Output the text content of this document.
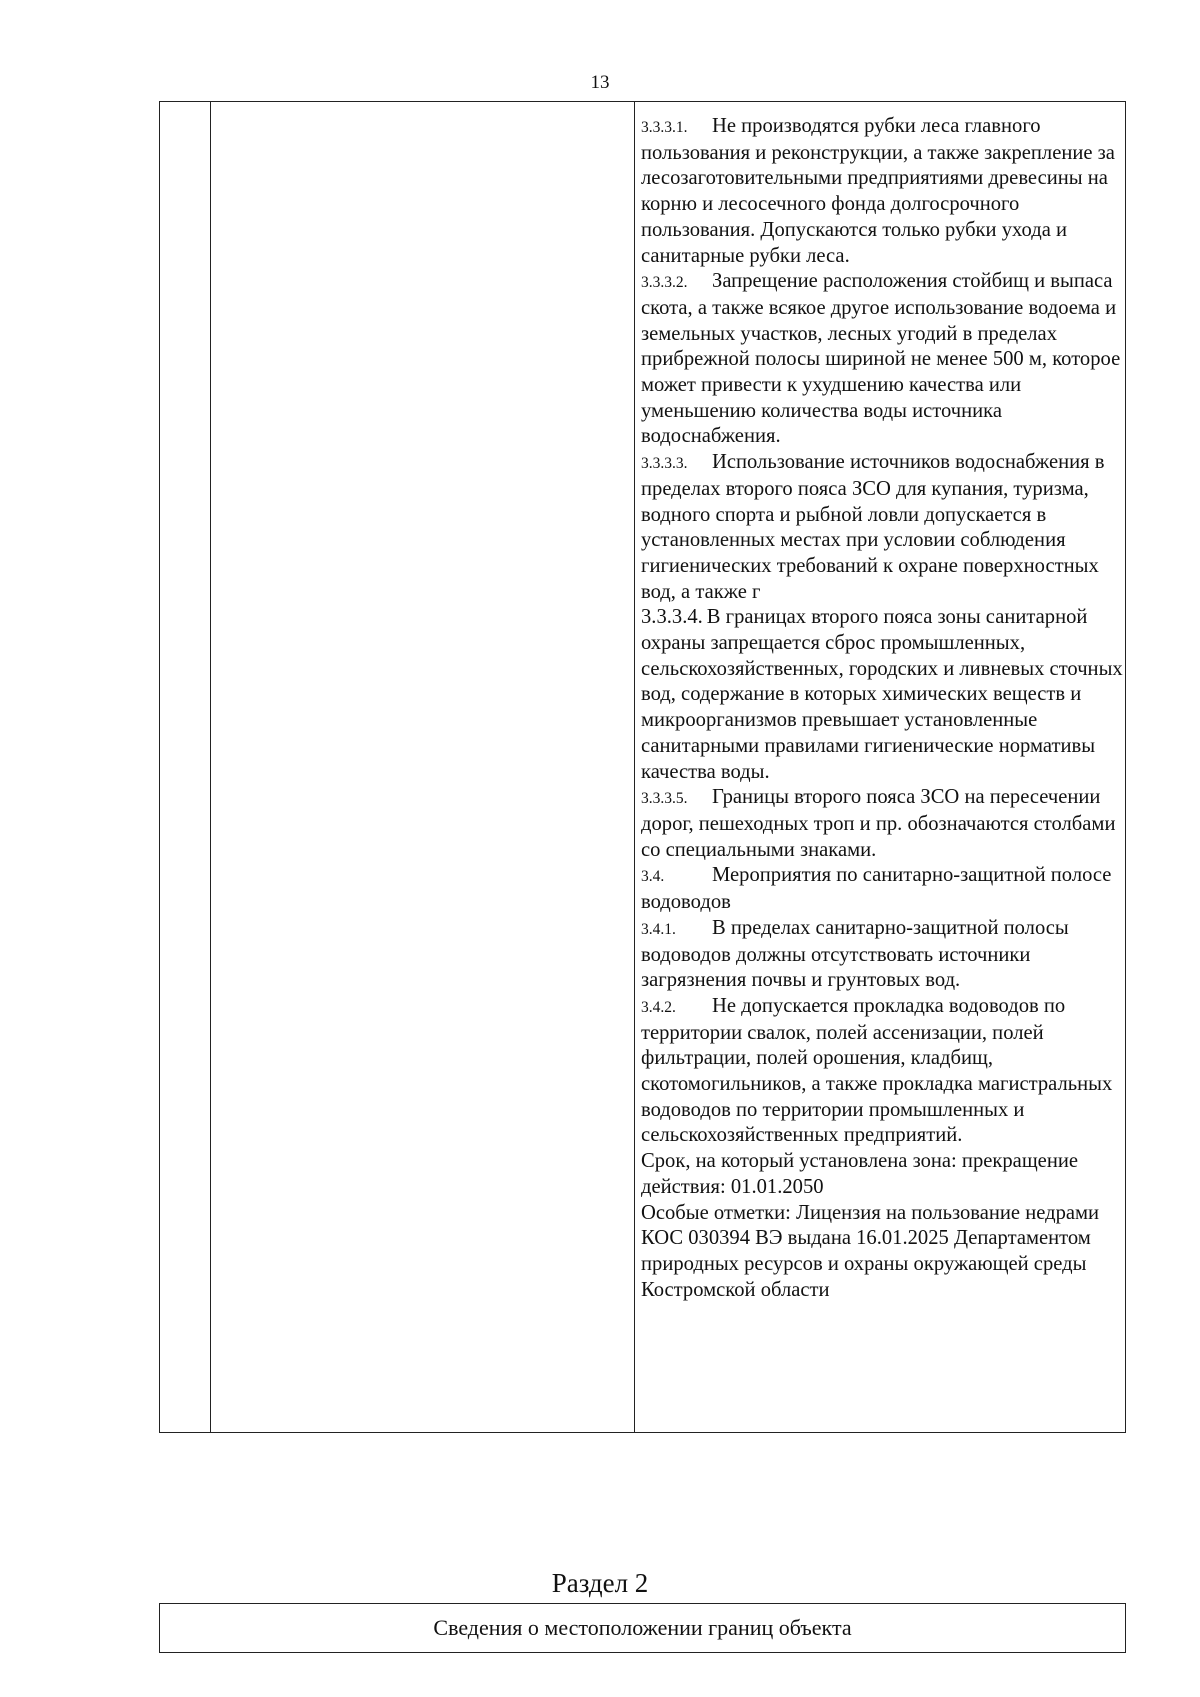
13

3.3.3.1. Не производятся рубки леса главного пользования и реконструкции, а также закрепление за лесозаготовительными предприятиями древесины на корню и лесосечного фонда долгосрочного пользования. Допускаются только рубки ухода и санитарные рубки леса.

3.3.3.2. Запрещение расположения стойбищ и выпаса скота, а также всякое другое использование водоема и земельных участков, лесных угодий в пределах прибрежной полосы шириной не менее 500 м, которое может привести к ухудшению качества или уменьшению количества воды источника водоснабжения.

3.3.3.3. Использование источников водоснабжения в пределах второго пояса ЗСО для купания, туризма, водного спорта и рыбной ловли допускается в установленных местах при условии соблюдения гигиенических требований к охране поверхностных вод, а также г

3.3.3.4. В границах второго пояса зоны санитарной охраны запрещается сброс промышленных, сельскохозяйственных, городских и ливневых сточных вод, содержание в которых химических веществ и микроорганизмов превышает установленные санитарными правилами гигиенические нормативы качества воды.

3.3.3.5. Границы второго пояса ЗСО на пересечении дорог, пешеходных троп и пр. обозначаются столбами со специальными знаками.

3.4. Мероприятия по санитарно-защитной полосе водоводов

3.4.1. В пределах санитарно-защитной полосы водоводов должны отсутствовать источники загрязнения почвы и грунтовых вод.

3.4.2. Не допускается прокладка водоводов по территории свалок, полей ассенизации, полей фильтрации, полей орошения, кладбищ, скотомогильников, а также прокладка магистральных водоводов по территории промышленных и сельскохозяйственных предприятий.

Срок, на который установлена зона: прекращение действия: 01.01.2050

Особые отметки: Лицензия на пользование недрами КОС 030394 ВЭ выдана 16.01.2025 Департаментом природных ресурсов и охраны окружающей среды Костромской области

Раздел 2
Сведения о местоположении границ объекта
